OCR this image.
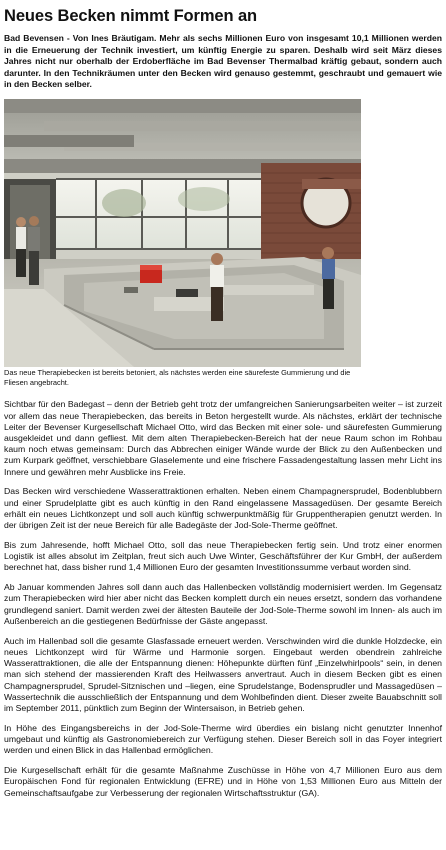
Neues Becken nimmt Formen an

Bad Bevensen - Von Ines Bräutigam. Mehr als sechs Millionen Euro von insgesamt 10,1 Millionen werden in die Erneuerung der Technik investiert, um künftig Energie zu sparen. Deshalb wird seit März dieses Jahres nicht nur oberhalb der Erdoberfläche im Bad Bevenser Thermalbad kräftig gebaut, sondern auch darunter. In den Technikräumen unter den Becken wird genauso gestemmt, geschraubt und gemauert wie in den Becken selber.

Das neue Therapiebecken ist bereits betoniert, als nächstes werden eine säurefeste Gummierung und die Fliesen angebracht.

Sichtbar für den Badegast – denn der Betrieb geht trotz der umfangreichen Sanierungsarbeiten weiter – ist zurzeit vor allem das neue Therapiebecken, das bereits in Beton hergestellt wurde. Als nächstes, erklärt der technische Leiter der Bevenser Kurgesellschaft Michael Otto, wird das Becken mit einer sole- und säurefesten Gummierung ausgekleidet und dann gefliest. Mit dem alten Therapiebecken-Bereich hat der neue Raum schon im Rohbau kaum noch etwas gemeinsam: Durch das Abbrechen einiger Wände wurde der Blick zu den Außenbecken und zum Kurpark geöffnet, verschiebbare Glaselemente und eine frischere Fassadengestaltung lassen mehr Licht ins Innere und gewähren mehr Ausblicke ins Freie.

Das Becken wird verschiedene Wasserattraktionen erhalten. Neben einem Champagnersprudel, Bodenblubbern und einer Sprudelplatte gibt es auch künftig in den Rand eingelassene Massagedüsen. Der gesamte Bereich erhält ein neues Lichtkonzept und soll auch künftig schwerpunktmäßig für Gruppentherapien genutzt werden. In der übrigen Zeit ist der neue Bereich für alle Badegäste der Jod-Sole-Therme geöffnet.

Bis zum Jahresende, hofft Michael Otto, soll das neue Therapiebecken fertig sein. Und trotz einer enormen Logistik ist alles absolut im Zeitplan, freut sich auch Uwe Winter, Geschäftsführer der Kur GmbH, der außerdem berechnet hat, dass bisher rund 1,4 Millionen Euro der gesamten Investitionssumme verbaut worden sind.

Ab Januar kommenden Jahres soll dann auch das Hallenbecken vollständig modernisiert werden. Im Gegensatz zum Therapiebecken wird hier aber nicht das Becken komplett durch ein neues ersetzt, sondern das vorhandene grundlegend saniert. Damit werden zwei der ältesten Bauteile der Jod-Sole-Therme sowohl im Innen- als auch im Außenbereich an die gestiegenen Bedürfnisse der Gäste angepasst.

Auch im Hallenbad soll die gesamte Glasfassade erneuert werden. Verschwinden wird die dunkle Holzdecke, ein neues Lichtkonzept wird für Wärme und Harmonie sorgen. Eingebaut werden obendrein zahlreiche Wasserattraktionen, die alle der Entspannung dienen: Höhepunkte dürften fünf „Einzelwhirlpools“ sein, in denen man sich stehend der massierenden Kraft des Heilwassers anvertraut. Auch in diesem Becken gibt es einen Champagnersprudel, Sprudel-Sitznischen und –liegen, eine Sprudelstange, Bodensprudler und Massagedüsen – Wassertechnik die ausschließlich der Entspannung und dem Wohlbefinden dient. Dieser zweite Bauabschnitt soll im September 2011, pünktlich zum Beginn der Wintersaison, in Betrieb gehen.

In Höhe des Eingangsbereichs in der Jod-Sole-Therme wird überdies ein bislang nicht genutzter Innenhof umgebaut und künftig als Gastronomiebereich zur Verfügung stehen. Dieser Bereich soll in das Foyer integriert werden und einen Blick in das Hallenbad ermöglichen.

Die Kurgesellschaft erhält für die gesamte Maßnahme Zuschüsse in Höhe von 4,7 Millionen Euro aus dem Europäischen Fond für regionalen Entwicklung (EFRE) und in Höhe von 1,53 Millionen Euro aus Mitteln der Gemeinschaftsaufgabe zur Verbesserung der regionalen Wirtschaftsstruktur (GA).
